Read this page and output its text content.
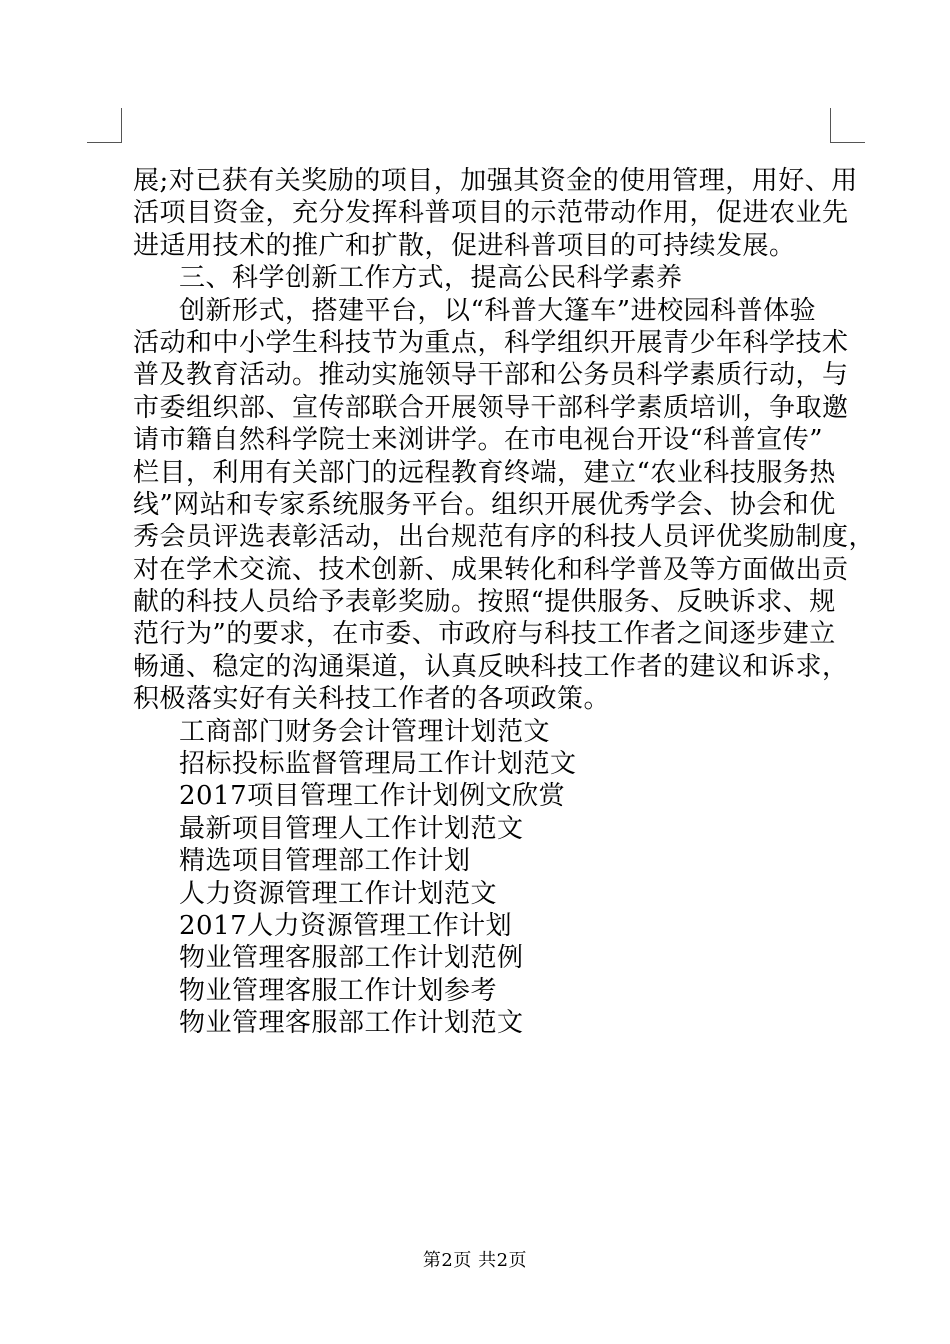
展;对已获有关奖励的项目，加强其资金的使用管理，用好、用
活项目资金，充分发挥科普项目的示范带动作用，促进农业先
进适用技术的推广和扩散，促进科普项目的可持续发展。
三、科学创新工作方式，提高公民科学素养
创新形式，搭建平台，以“科普大篷车”进校园科普体验
活动和中小学生科技节为重点，科学组织开展青少年科学技术
普及教育活动。推动实施领导干部和公务员科学素质行动，与
市委组织部、宣传部联合开展领导干部科学素质培训，争取邀
请市籍自然科学院士来浏讲学。在市电视台开设“科普宣传”
栏目，利用有关部门的远程教育终端，建立“农业科技服务热
线”网站和专家系统服务平台。组织开展优秀学会、协会和优
秀会员评选表彰活动，出台规范有序的科技人员评优奖励制度，
对在学术交流、技术创新、成果转化和科学普及等方面做出贡
献的科技人员给予表彰奖励。按照“提供服务、反映诉求、规
范行为”的要求，在市委、市政府与科技工作者之间逐步建立
畅通、稳定的沟通渠道，认真反映科技工作者的建议和诉求，
积极落实好有关科技工作者的各项政策。
工商部门财务会计管理计划范文
招标投标监督管理局工作计划范文
2017项目管理工作计划例文欣赏
最新项目管理人工作计划范文
精选项目管理部工作计划
人力资源管理工作计划范文
2017人力资源管理工作计划
物业管理客服部工作计划范例
物业管理客服工作计划参考
物业管理客服部工作计划范文
第2页 共2页
